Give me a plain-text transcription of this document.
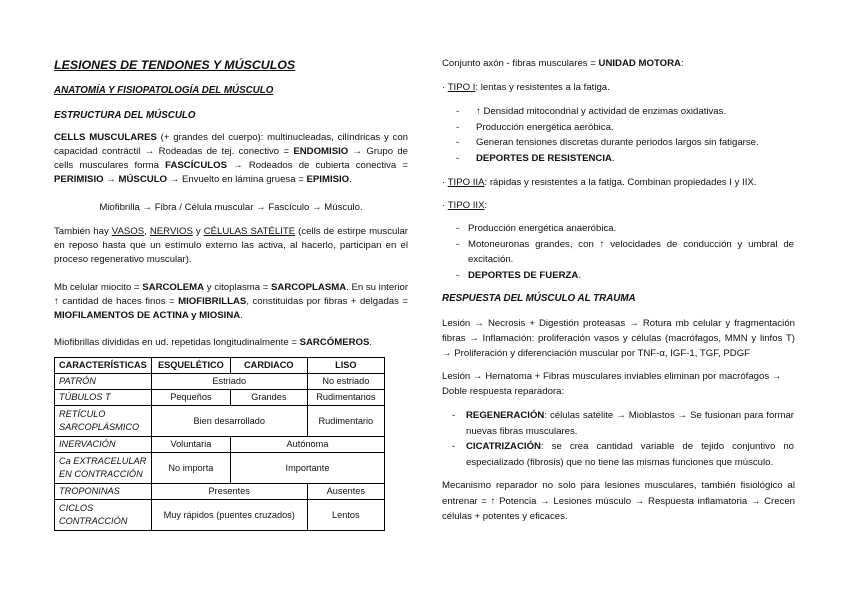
LESIONES DE TENDONES Y MÚSCULOS
ANATOMÍA Y FISIOPATOLOGÍA DEL MÚSCULO
ESTRUCTURA DEL MÚSCULO

CELLS MUSCULARES (+ grandes del cuerpo): multinucleadas, cilíndricas y con capacidad contráctil → Rodeadas de tej. conectivo = ENDOMISIO → Grupo de cells musculares forma FASCÍCULOS → Rodeados de cubierta conectiva = PERIMISIO → MÚSCULO → Envuelto en lámina gruesa = EPIMISIO.

Miofibrilla → Fibra / Célula muscular → Fascículo → Músculo.

También hay VASOS, NERVIOS y CÉLULAS SATÉLITE (cells de estirpe muscular en reposo hasta que un estímulo externo las activa, al hacerlo, participan en el proceso regenerativo muscular).

Mb celular miocito = SARCOLEMA y citoplasma = SARCOPLASMA. En su interior ↑ cantidad de haces finos = MIOFIBRILLAS, constituidas por fibras + delgadas = MIOFILAMENTOS DE ACTINA y MIOSINA.

Miofibrillas divididas en ud. repetidas longitudinalmente = SARCÓMEROS.

CARACTERÍSTICAS	ESQUELÉTICO	CARDIACO	LISO
PATRÓN	Estriado		No estriado
TÚBULOS T	Pequeños	Grandes	Rudimentarios
RETÍCULO SARCOPLÁSMICO	Bien desarrollado		Rudimentario
INERVACIÓN	Voluntaria	Autónoma	
Ca EXTRACELULAR EN CONTRACCIÓN	No importa	Importante	
TROPONINAS	Presentes		Ausentes
CICLOS CONTRACCIÓN	Muy rápidos (puentes cruzados)		Lentos

Conjunto axón - fibras musculares = UNIDAD MOTORA:

· TIPO I: lentas y resistentes a la fatiga.

- ↑ Densidad mitocondrial y actividad de enzimas oxidativas.
- Producción energética aeróbica.
- Generan tensiones discretas durante periodos largos sin fatigarse.
- DEPORTES DE RESISTENCIA.

· TIPO IIA: rápidas y resistentes a la fatiga. Combinan propiedades I y IIX.

· TIPO IIX:

- Producción energética anaeróbica.
- Motoneuronas grandes, con ↑ velocidades de conducción y umbral de excitación.
- DEPORTES DE FUERZA.
RESPUESTA DEL MÚSCULO AL TRAUMA

Lesión → Necrosis + Digestión proteasas → Rotura mb celular y fragmentación fibras → Inflamación: proliferación vasos y células (macrófagos, MMN y linfos T) → Proliferación y diferenciación muscular por TNF-α, IGF-1, TGF, PDGF

Lesión → Hematoma + Fibras musculares inviables eliminan por macrófagos → Doble respuesta reparadora:

- REGENERACIÓN: células satélite → Mioblastos → Se fusionan para formar nuevas fibras musculares.
- CICATRIZACIÓN: se crea cantidad variable de tejido conjuntivo no especializado (fibrosis) que no tiene las mismas funciones que músculo.

Mecanismo reparador no solo para lesiones musculares, también fisiológico al entrenar = ↑ Potencia → Lesiones músculo → Respuesta inflamatoria → Crecen células + potentes y eficaces.
